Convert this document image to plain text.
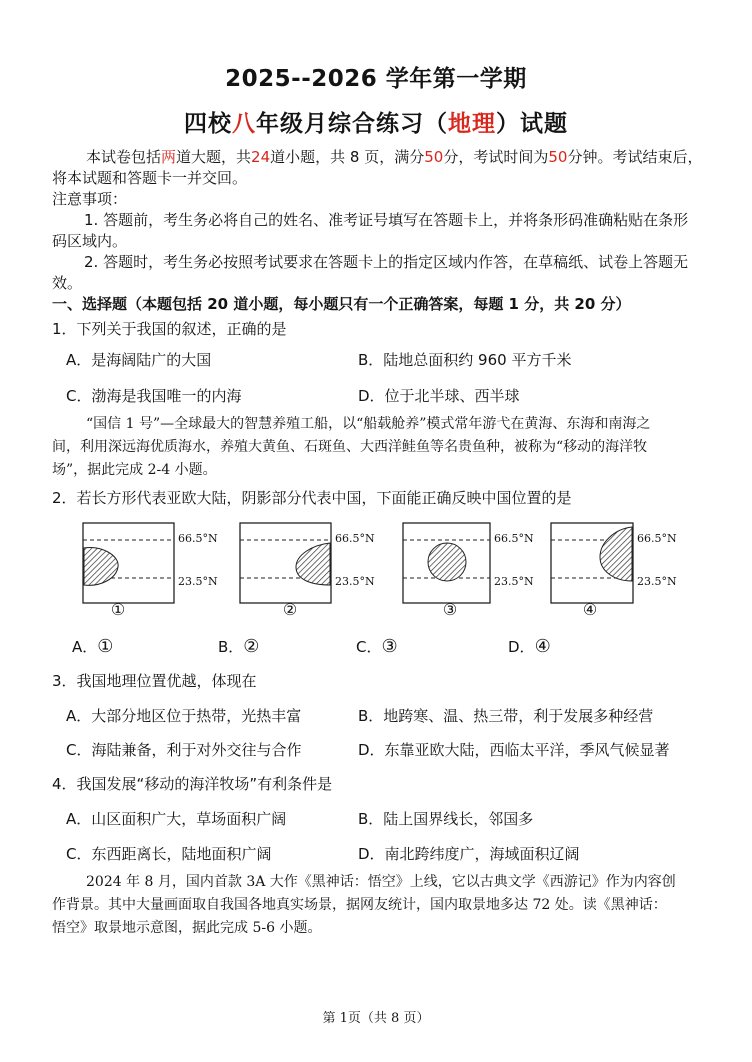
2025--2026 学年第一学期
四校八年级月综合练习（地理）试题
本试卷包括两道大题，共24道小题，共 8 页，满分50分，考试时间为50分钟。考试结束后，
将本试题和答题卡一并交回。
注意事项：
1. 答题前，考生务必将自己的姓名、准考证号填写在答题卡上，并将条形码准确粘贴在条形
码区域内。
2. 答题时，考生务必按照考试要求在答题卡上的指定区域内作答，在草稿纸、试卷上答题无
效。
一、选择题（本题包括 20 道小题，每小题只有一个正确答案，每题 1 分，共 20 分）
1．下列关于我国的叙述，正确的是
A．是海阔陆广的大国	B．陆地总面积约 960 平方千米
C．渤海是我国唯一的内海	D．位于北半球、西半球
“国信 1 号”—全球最大的智慧养殖工船，以“船载舱养”模式常年游弋在黄海、东海和南海之
间，利用深远海优质海水，养殖大黄鱼、石斑鱼、大西洋鲑鱼等名贵鱼种，被称为“移动的海洋牧
场”，据此完成 2-4 小题。
2．若长方形代表亚欧大陆，阴影部分代表中国，下面能正确反映中国位置的是
66.5°N
23.5°N
①
66.5°N
23.5°N
②
66.5°N
23.5°N
③
66.5°N
23.5°N
④
A．①	B．②	C．③	D．④
3．我国地理位置优越，体现在
A．大部分地区位于热带，光热丰富	B．地跨寒、温、热三带，利于发展多种经营
C．海陆兼备，利于对外交往与合作	D．东靠亚欧大陆，西临太平洋，季风气候显著
4．我国发展“移动的海洋牧场”有利条件是
A．山区面积广大，草场面积广阔	B．陆上国界线长，邻国多
C．东西距离长，陆地面积广阔	D．南北跨纬度广，海域面积辽阔
2024 年 8 月，国内首款 3A 大作《黑神话：悟空》上线，它以古典文学《西游记》作为内容创
作背景。其中大量画面取自我国各地真实场景，据网友统计，国内取景地多达 72 处。读《黑神话：
悟空》取景地示意图，据此完成 5-6 小题。
第 1页（共 8 页）
